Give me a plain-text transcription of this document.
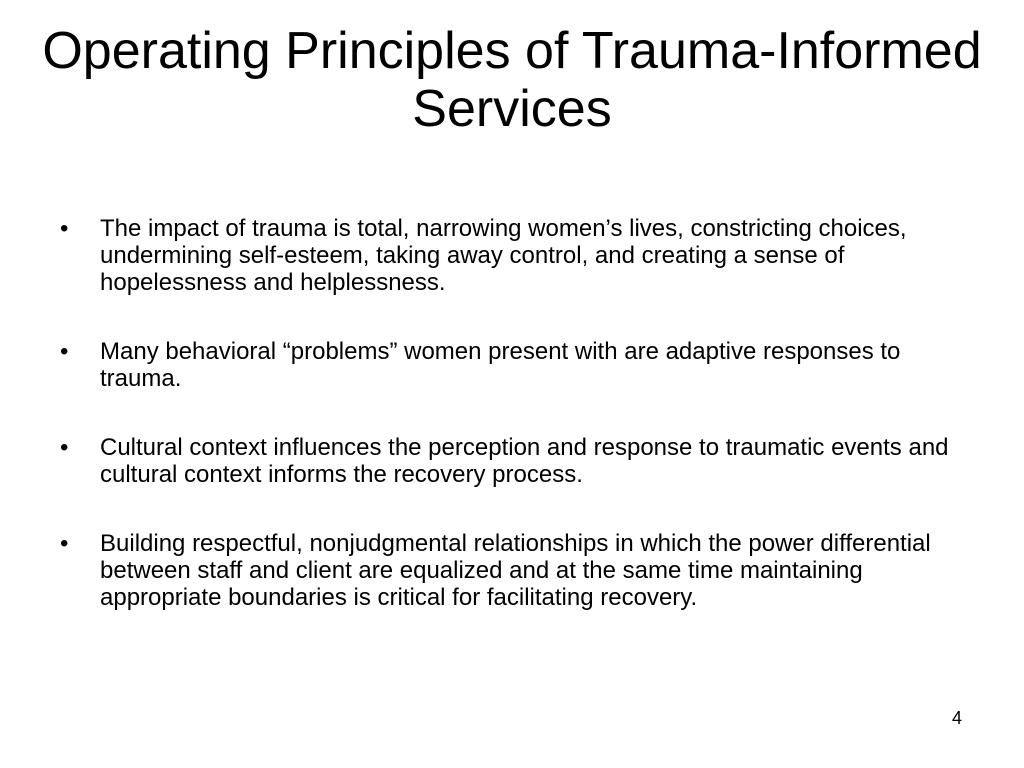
Operating Principles of Trauma-Informed Services
•	The impact of trauma is total, narrowing women’s lives, constricting choices, undermining self-esteem, taking away control, and creating a sense of hopelessness and helplessness.
•	Many behavioral “problems” women present with are adaptive responses to trauma.
•	Cultural context influences the perception and response to traumatic events and cultural context informs the recovery process.
•	Building respectful, nonjudgmental relationships in which the power differential between staff and client are equalized and at the same time maintaining appropriate boundaries is critical for facilitating recovery.
4
